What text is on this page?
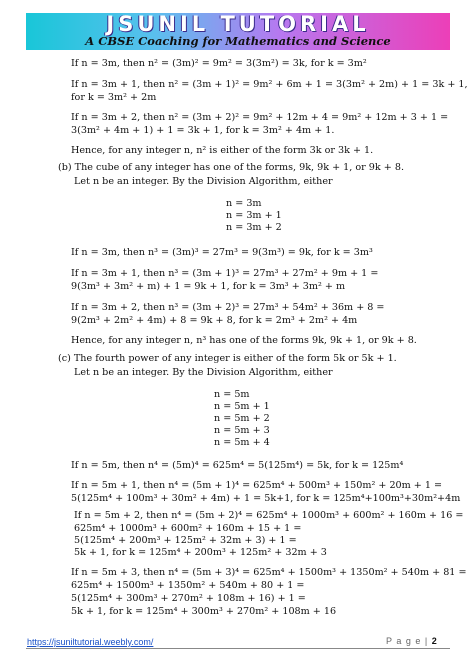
JSUNIL TUTORIAL
A CBSE Coaching for Mathematics and Science
If n = 3m, then n² = (3m)² = 9m² = 3(3m²) = 3k, for k = 3m²
If n = 3m + 1, then n² = (3m + 1)² = 9m² + 6m + 1 = 3(3m² + 2m) + 1 = 3k + 1,
for k = 3m² + 2m
If n = 3m + 2, then n² = (3m + 2)² = 9m² + 12m + 4 = 9m² + 12m + 3 + 1 =
3(3m² + 4m + 1) + 1 = 3k + 1, for k = 3m² + 4m + 1.
Hence, for any integer n, n² is either of the form 3k or 3k + 1.
(b) The cube of any integer has one of the forms, 9k, 9k + 1, or 9k + 8.
Let n be an integer. By the Division Algorithm, either
n = 3m
n = 3m + 1
n = 3m + 2
If n = 3m, then n³ = (3m)³ = 27m³ = 9(3m³) = 9k, for k = 3m³
If n = 3m + 1, then n³ = (3m + 1)³ = 27m³ + 27m² + 9m + 1 =
9(3m³ + 3m² + m) + 1 = 9k + 1, for k = 3m³ + 3m² + m
If n = 3m + 2, then n³ = (3m + 2)³ = 27m³ + 54m² + 36m + 8 =
9(2m³ + 2m² + 4m) + 8 = 9k + 8, for k = 2m³ + 2m² + 4m
Hence, for any integer n, n³ has one of the forms 9k, 9k + 1, or 9k + 8.
(c) The fourth power of any integer is either of the form 5k or 5k + 1.
Let n be an integer. By the Division Algorithm, either
n = 5m
n = 5m + 1
n = 5m + 2
n = 5m + 3
n = 5m + 4
If n = 5m, then n⁴ = (5m)⁴ = 625m⁴ = 5(125m⁴) = 5k, for k = 125m⁴
If n = 5m + 1, then n⁴ = (5m + 1)⁴ = 625m⁴ + 500m³ + 150m² + 20m + 1 =
5(125m⁴ + 100m³ + 30m² + 4m) + 1 = 5k+1, for k = 125m⁴+100m³+30m²+4m
If n = 5m + 2, then n⁴ = (5m + 2)⁴ = 625m⁴ + 1000m³ + 600m² + 160m + 16 =
625m⁴ + 1000m³ + 600m² + 160m + 15 + 1 =
5(125m⁴ + 200m³ + 125m² + 32m + 3) + 1 =
5k + 1, for k = 125m⁴ + 200m³ + 125m² + 32m + 3
If n = 5m + 3, then n⁴ = (5m + 3)⁴ = 625m⁴ + 1500m³ + 1350m² + 540m + 81 =
625m⁴ + 1500m³ + 1350m² + 540m + 80 + 1 =
5(125m⁴ + 300m³ + 270m² + 108m + 16) + 1 =
5k + 1, for k = 125m⁴ + 300m³ + 270m² + 108m + 16
https://jsuniltutorial.weebly.com/	P a g e | 2
